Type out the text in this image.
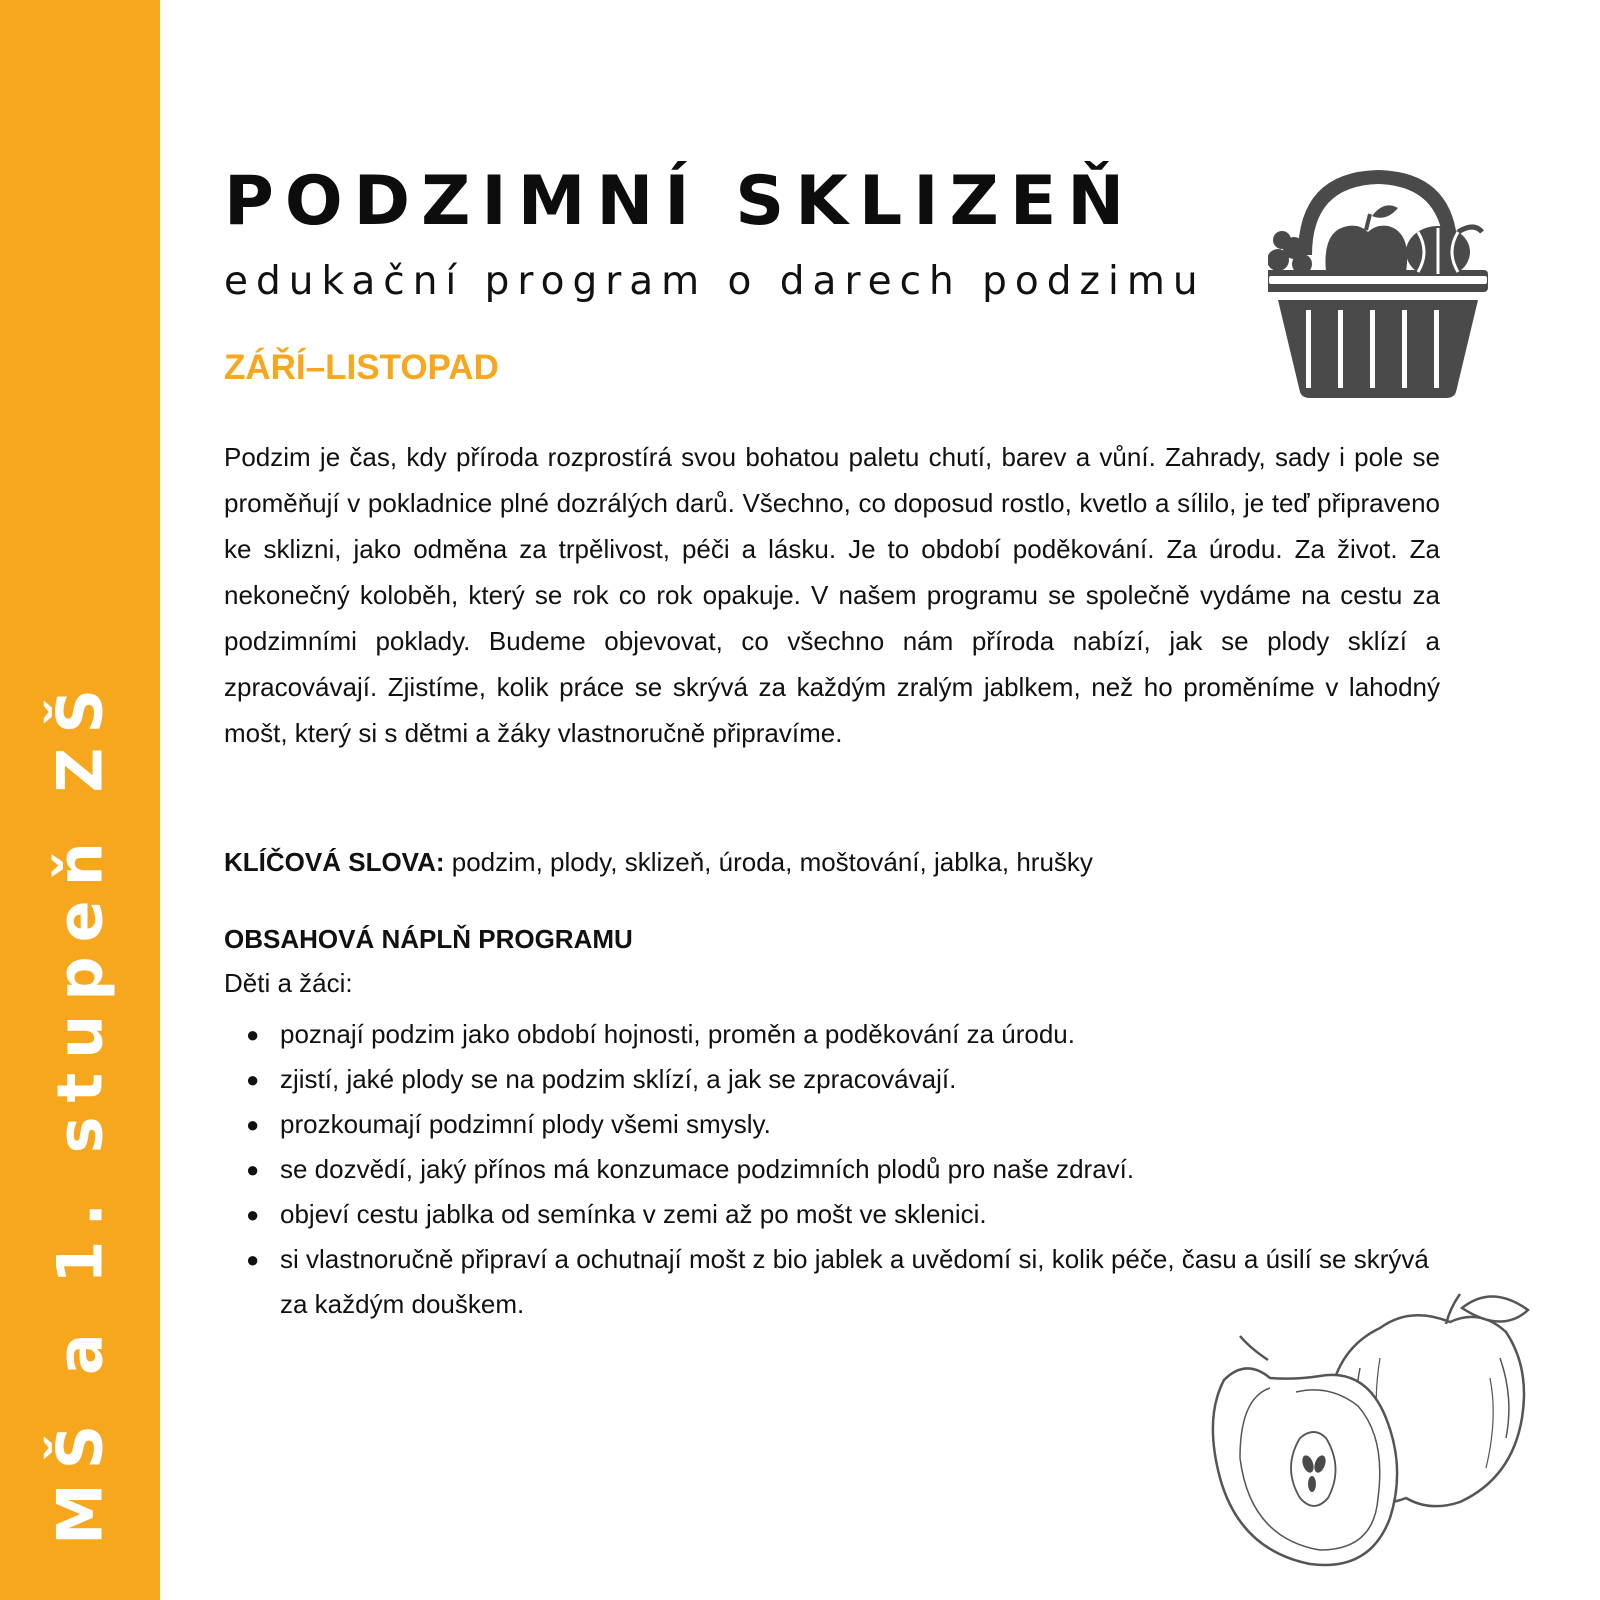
MŠ a 1. stupeň ZŠ
PODZIMNÍ SKLIZEŇ

edukační program o darech podzimu

ZÁŘÍ–LISTOPAD

Podzim je čas, kdy příroda rozprostírá svou bohatou paletu chutí, barev a vůní. Zahrady, sady i pole se proměňují v pokladnice plné dozrálých darů. Všechno, co doposud rostlo, kvetlo a sílilo, je teď připraveno ke sklizni, jako odměna za trpělivost, péči a lásku. Je to období poděkování. Za úrodu. Za život. Za nekonečný koloběh, který se rok co rok opakuje. V našem programu se společně vydáme na cestu za podzimními poklady. Budeme objevovat, co všechno nám příroda nabízí, jak se plody sklízí a zpracovávají. Zjistíme, kolik práce se skrývá za každým zralým jablkem, než ho proměníme v lahodný mošt, který si s dětmi a žáky vlastnoručně připravíme.

KLÍČOVÁ SLOVA: podzim, plody, sklizeň, úroda, moštování, jablka, hrušky
OBSAHOVÁ NÁPLŇ PROGRAMU
Děti a žáci:
● poznají podzim jako období hojnosti, proměn a poděkování za úrodu.
● zjistí, jaké plody se na podzim sklízí, a jak se zpracovávají.
● prozkoumají podzimní plody všemi smysly.
● se dozvědí, jaký přínos má konzumace podzimních plodů pro naše zdraví.
● objeví cestu jablka od semínka v zemi až po mošt ve sklenici.
● si vlastnoručně připraví a ochutnají mošt z bio jablek a uvědomí si, kolik péče, času a úsilí se skrývá za každým douškem.
